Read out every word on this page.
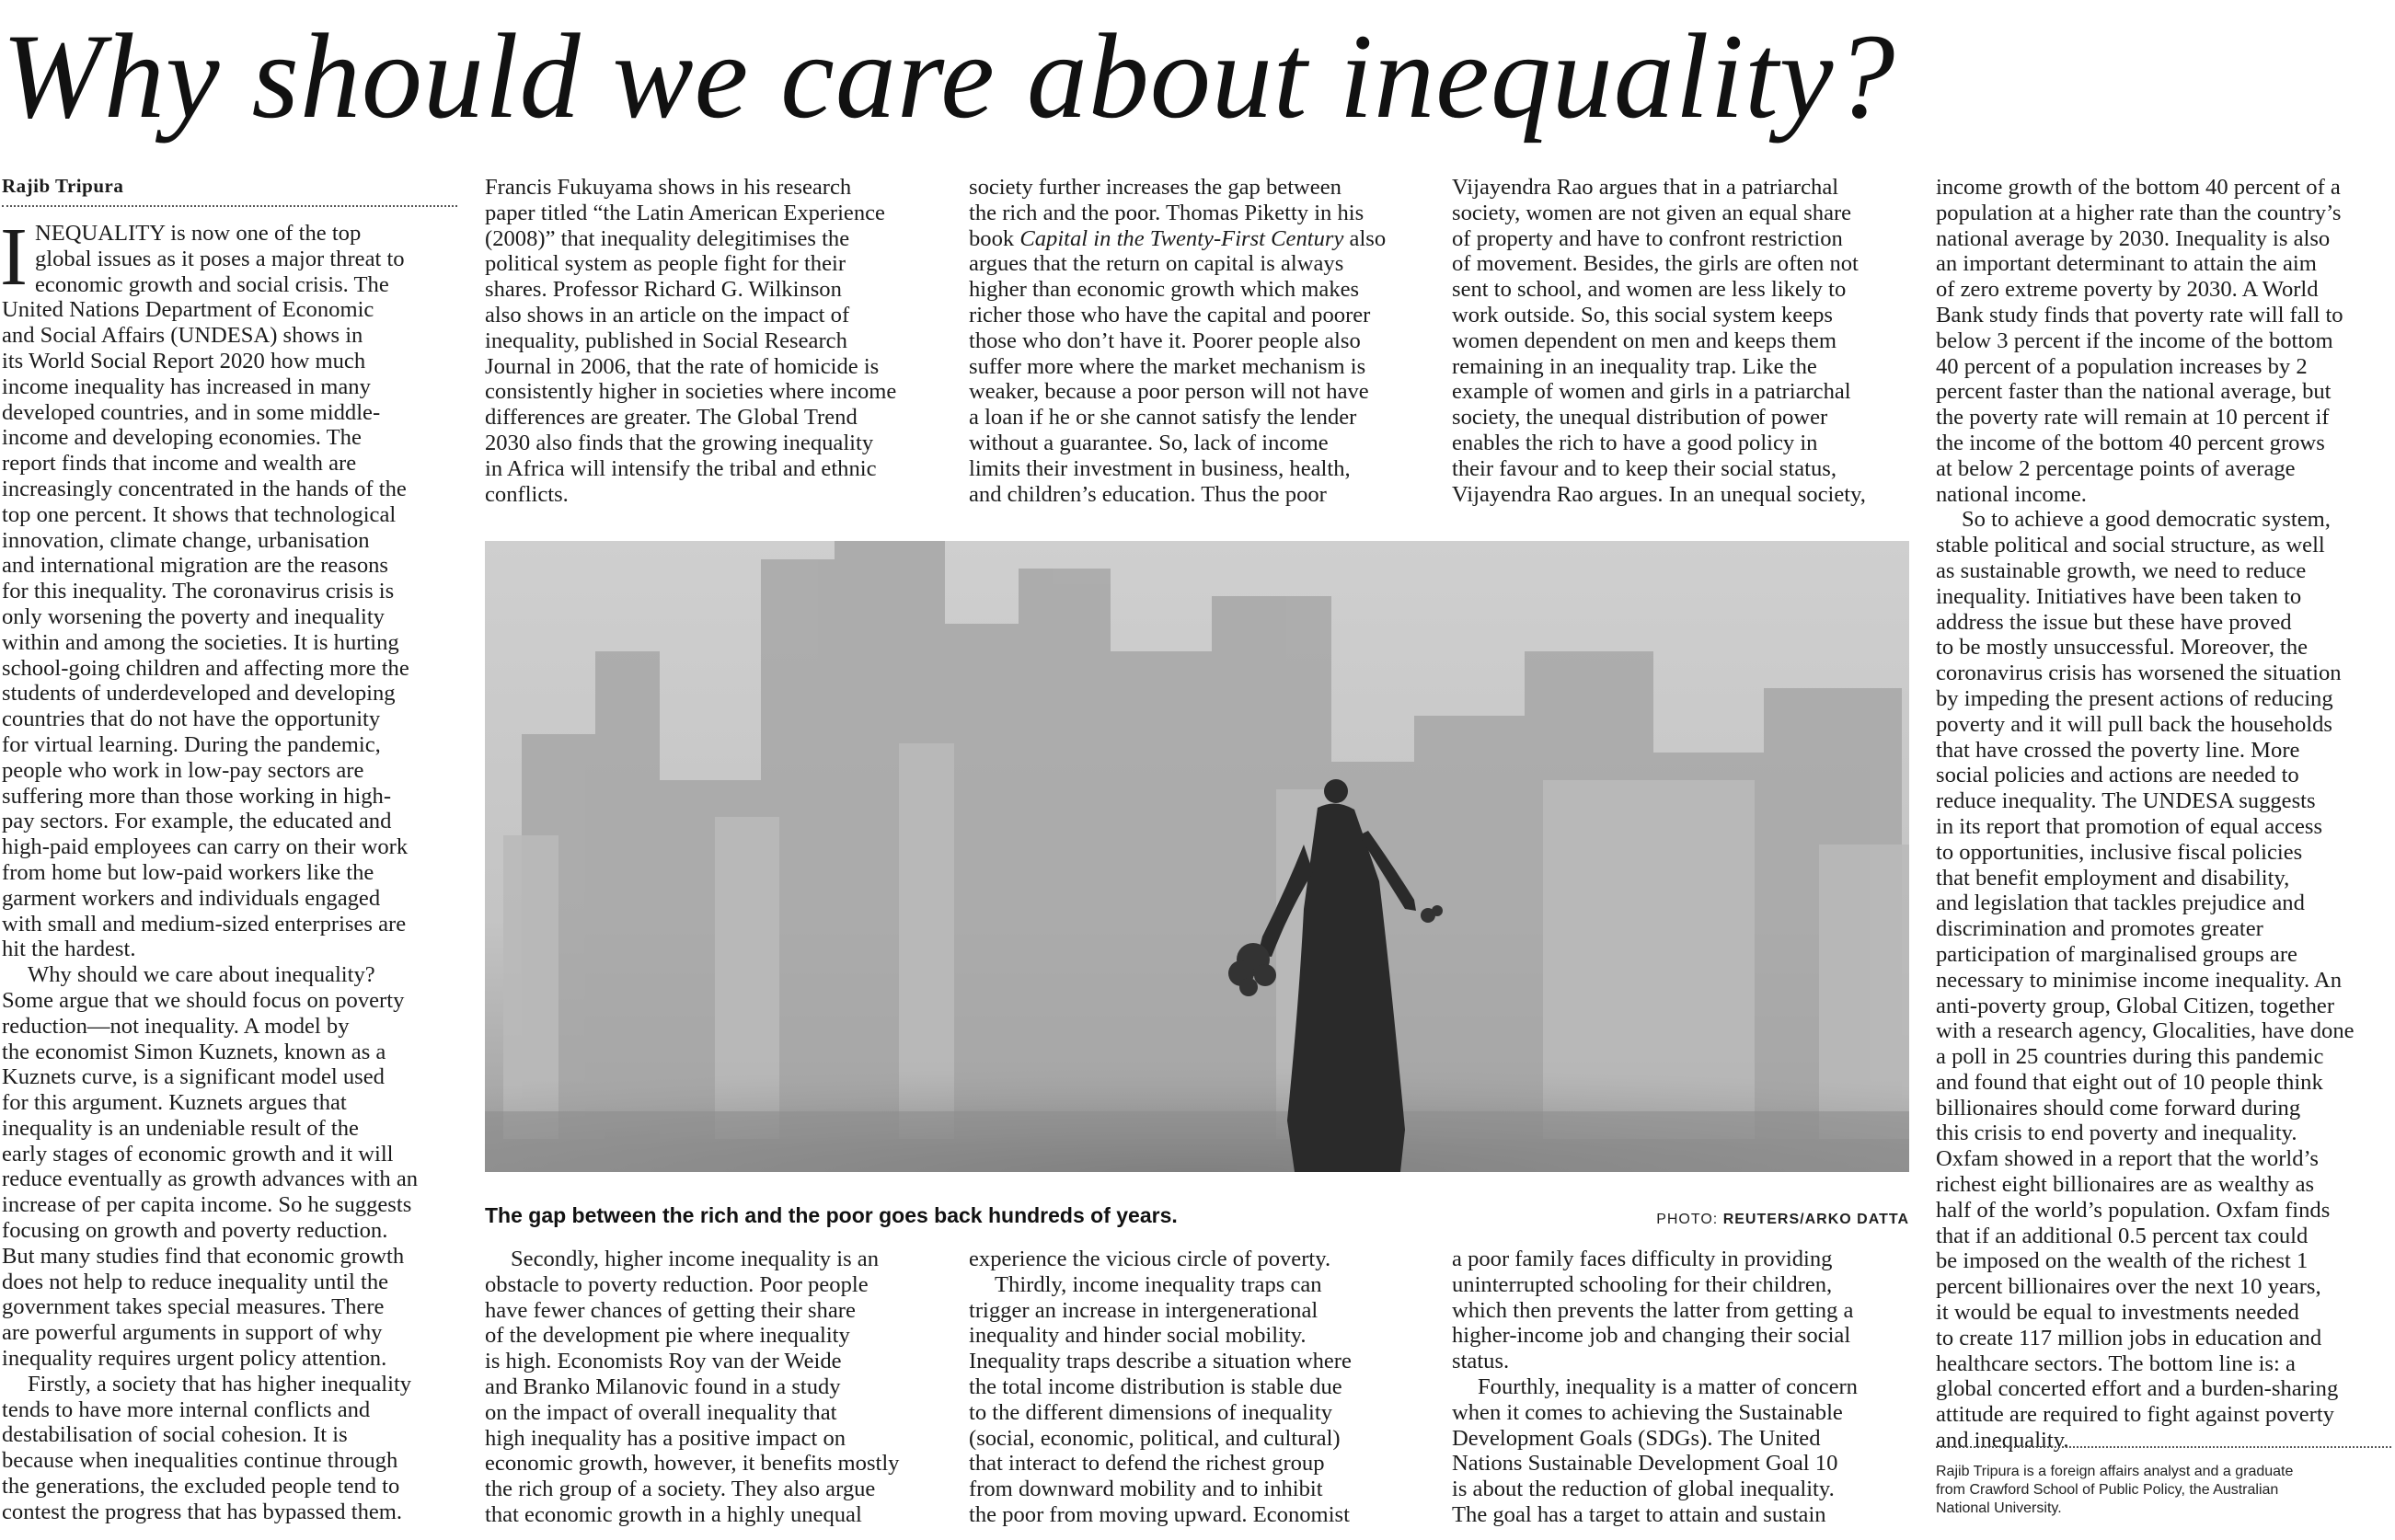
Why should we care about inequality?
Rajib Tripura
I NEQUALITY is now one of the top

global issues as it poses a major threat to

economic growth and social crisis. The

United Nations Department of Economic

and Social Affairs (UNDESA) shows in

its World Social Report 2020 how much

income inequality has increased in many

developed countries, and in some middle-

income and developing economies. The

report finds that income and wealth are

increasingly concentrated in the hands of the

top one percent. It shows that technological

innovation, climate change, urbanisation

and international migration are the reasons

for this inequality. The coronavirus crisis is

only worsening the poverty and inequality

within and among the societies. It is hurting

school-going children and affecting more the

students of underdeveloped and developing

countries that do not have the opportunity

for virtual learning. During the pandemic,

people who work in low-pay sectors are

suffering more than those working in high-

pay sectors. For example, the educated and

high-paid employees can carry on their work

from home but low-paid workers like the

garment workers and individuals engaged

with small and medium-sized enterprises are

hit the hardest.

Why should we care about inequality?

Some argue that we should focus on poverty

reduction—not inequality. A model by

the economist Simon Kuznets, known as a

Kuznets curve, is a significant model used

for this argument. Kuznets argues that

inequality is an undeniable result of the

early stages of economic growth and it will

reduce eventually as growth advances with an

increase of per capita income. So he suggests

focusing on growth and poverty reduction.

But many studies find that economic growth

does not help to reduce inequality until the

government takes special measures. There

are powerful arguments in support of why

inequality requires urgent policy attention.

Firstly, a society that has higher inequality

tends to have more internal conflicts and

destabilisation of social cohesion. It is

because when inequalities continue through

the generations, the excluded people tend to

contest the progress that has bypassed them.

Francis Fukuyama shows in his research

paper titled “the Latin American Experience

(2008)” that inequality delegitimises the

political system as people fight for their

shares. Professor Richard G. Wilkinson

also shows in an article on the impact of

inequality, published in Social Research

Journal in 2006, that the rate of homicide is

consistently higher in societies where income

differences are greater. The Global Trend

2030 also finds that the growing inequality

in Africa will intensify the tribal and ethnic

conflicts.

society further increases the gap between

the rich and the poor. Thomas Piketty in his

book Capital in the Twenty-First Century also

argues that the return on capital is always

higher than economic growth which makes

richer those who have the capital and poorer

those who don’t have it. Poorer people also

suffer more where the market mechanism is

weaker, because a poor person will not have

a loan if he or she cannot satisfy the lender

without a guarantee. So, lack of income

limits their investment in business, health,

and children’s education. Thus the poor

Vijayendra Rao argues that in a patriarchal

society, women are not given an equal share

of property and have to confront restriction

of movement. Besides, the girls are often not

sent to school, and women are less likely to

work outside. So, this social system keeps

women dependent on men and keeps them

remaining in an inequality trap. Like the

example of women and girls in a patriarchal

society, the unequal distribution of power

enables the rich to have a good policy in

their favour and to keep their social status,

Vijayendra Rao argues. In an unequal society,

income growth of the bottom 40 percent of a

population at a higher rate than the country’s

national average by 2030. Inequality is also

an important determinant to attain the aim

of zero extreme poverty by 2030. A World

Bank study finds that poverty rate will fall to

below 3 percent if the income of the bottom

40 percent of a population increases by 2

percent faster than the national average, but

the poverty rate will remain at 10 percent if

the income of the bottom 40 percent grows

at below 2 percentage points of average

national income.

So to achieve a good democratic system,

stable political and social structure, as well

as sustainable growth, we need to reduce

inequality. Initiatives have been taken to

address the issue but these have proved

to be mostly unsuccessful. Moreover, the

coronavirus crisis has worsened the situation

by impeding the present actions of reducing

poverty and it will pull back the households

that have crossed the poverty line. More

social policies and actions are needed to

reduce inequality. The UNDESA suggests

in its report that promotion of equal access

to opportunities, inclusive fiscal policies

that benefit employment and disability,

and legislation that tackles prejudice and

discrimination and promotes greater

participation of marginalised groups are

necessary to minimise income inequality. An

anti-poverty group, Global Citizen, together

with a research agency, Glocalities, have done

a poll in 25 countries during this pandemic

and found that eight out of 10 people think

billionaires should come forward during

this crisis to end poverty and inequality.

Oxfam showed in a report that the world’s

richest eight billionaires are as wealthy as

half of the world’s population. Oxfam finds

that if an additional 0.5 percent tax could

be imposed on the wealth of the richest 1

percent billionaires over the next 10 years,

it would be equal to investments needed

to create 117 million jobs in education and

healthcare sectors. The bottom line is: a

global concerted effort and a burden-sharing

attitude are required to fight against poverty

and inequality.

The gap between the rich and the poor goes back hundreds of years.	PHOTO: REUTERS/ARKO DATTA

Secondly, higher income inequality is an

obstacle to poverty reduction. Poor people

have fewer chances of getting their share

of the development pie where inequality

is high. Economists Roy van der Weide

and Branko Milanovic found in a study

on the impact of overall inequality that

high inequality has a positive impact on

economic growth, however, it benefits mostly

the rich group of a society. They also argue

that economic growth in a highly unequal

experience the vicious circle of poverty.

Thirdly, income inequality traps can

trigger an increase in intergenerational

inequality and hinder social mobility.

Inequality traps describe a situation where

the total income distribution is stable due

to the different dimensions of inequality

(social, economic, political, and cultural)

that interact to defend the richest group

from downward mobility and to inhibit

the poor from moving upward. Economist

a poor family faces difficulty in providing

uninterrupted schooling for their children,

which then prevents the latter from getting a

higher-income job and changing their social

status.

Fourthly, inequality is a matter of concern

when it comes to achieving the Sustainable

Development Goals (SDGs). The United

Nations Sustainable Development Goal 10

is about the reduction of global inequality.

The goal has a target to attain and sustain

Rajib Tripura is a foreign affairs analyst and a graduate

from Crawford School of Public Policy, the Australian

National University.
